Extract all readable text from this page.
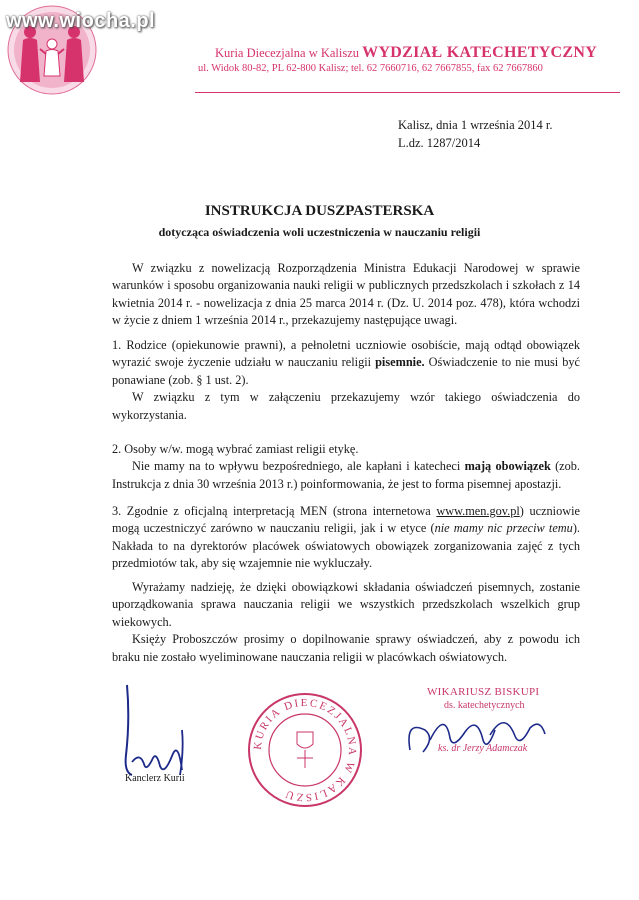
www.wiocha.pl
Kuria Diecezjalna w Kaliszu WYDZIAŁ KATECHETYCZNY
ul. Widok 80-82, PL 62-800 Kalisz; tel. 62 7660716, 62 7667855, fax 62 7667860
Kalisz, dnia 1 września 2014 r.
L.dz. 1287/2014
INSTRUKCJA DUSZPASTERSKA
dotycząca oświadczenia woli uczestniczenia w nauczaniu religii

W związku z nowelizacją Rozporządzenia Ministra Edukacji Narodowej w sprawie warunków i sposobu organizowania nauki religii w publicznych przedszkolach i szkołach z 14 kwietnia 2014 r. - nowelizacja z dnia 25 marca 2014 r. (Dz. U. 2014 poz. 478), która wchodzi w życie z dniem 1 września 2014 r., przekazujemy następujące uwagi.

1. Rodzice (opiekunowie prawni), a pełnoletni uczniowie osobiście, mają odtąd obowiązek wyrazić swoje życzenie udziału w nauczaniu religii pisemnie. Oświadczenie to nie musi być ponawiane (zob. § 1 ust. 2).

W związku z tym w załączeniu przekazujemy wzór takiego oświadczenia do wykorzystania.

2. Osoby w/w. mogą wybrać zamiast religii etykę.

Nie mamy na to wpływu bezpośredniego, ale kapłani i katecheci mają obowiązek (zob. Instrukcja z dnia 30 września 2013 r.) poinformowania, że jest to forma pisemnej apostazji.

3. Zgodnie z oficjalną interpretacją MEN (strona internetowa www.men.gov.pl) uczniowie mogą uczestniczyć zarówno w nauczaniu religii, jak i w etyce (nie mamy nic przeciw temu). Nakłada to na dyrektorów placówek oświatowych obowiązek zorganizowania zajęć z tych przedmiotów tak, aby się wzajemnie nie wykluczały.

Wyrażamy nadzieję, że dzięki obowiązkowi składania oświadczeń pisemnych, zostanie uporządkowania sprawa nauczania religii we wszystkich przedszkolach wszelkich grup wiekowych.

Księży Proboszczów prosimy o dopilnowanie sprawy oświadczeń, aby z powodu ich braku nie zostało wyeliminowane nauczania religii w placówkach oświatowych.

Kanclerz Kurii
KURIA DIECEZJALNA W KALISZU
WIKARIUSZ BISKUPI
ds. katechetycznych
ks. dr Jerzy Adamczak
